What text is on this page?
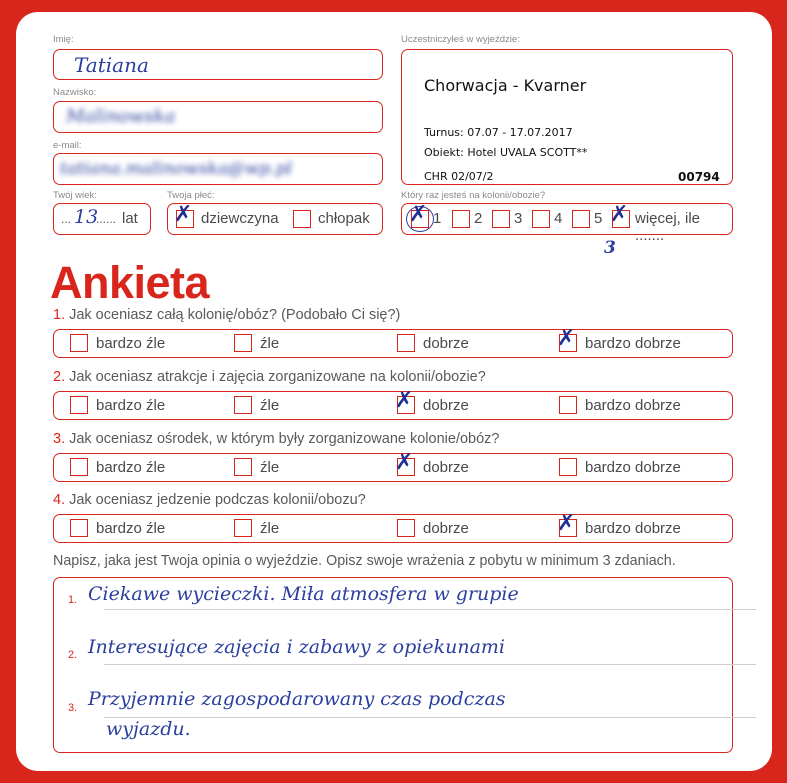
Imię:
Tatiana
Nazwisko:
Malinowska
e-mail:
tatiana.malinowska@wp.pl
Twój wiek:
... 13
...... lat
Twoja płeć:
✗ dziewczyna	chłopak
Uczestniczyłeś w wyjeździe:
Chorwacja - Kvarner
Turnus: 07.07 - 17.07.2017
Obiekt: Hotel UVALA SCOTT**
CHR 02/07/2	00794
Który raz jesteś na kolonii/obozie?
✗ 1 2 3 4 5 ✗ więcej, ile .......
3
Ankieta
1. Jak oceniasz całą kolonię/obóz? (Podobało Ci się?)
bardzo źle	źle	dobrze	✗ bardzo dobrze
2. Jak oceniasz atrakcje i zajęcia zorganizowane na kolonii/obozie?
bardzo źle	źle	✗ dobrze	bardzo dobrze
3. Jak oceniasz ośrodek, w którym były zorganizowane kolonie/obóz?
bardzo źle	źle	✗ dobrze	bardzo dobrze
4. Jak oceniasz jedzenie podczas kolonii/obozu?
bardzo źle	źle	dobrze	✗ bardzo dobrze
Napisz, jaka jest Twoja opinia o wyjeździe. Opisz swoje wrażenia z pobytu w minimum 3 zdaniach.
1. Ciekawe wycieczki. Miła atmosfera w grupie
2. Interesujące zajęcia i zabawy z opiekunami
3. Przyjemnie zagospodarowany czas podczas
wyjazdu.
